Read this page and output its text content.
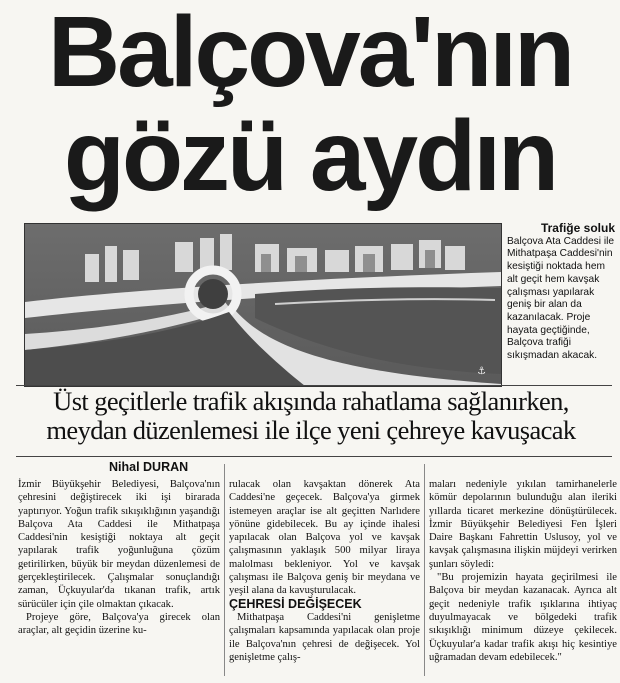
Balçova'nın
gözü aydın
⚓
Trafiğe soluk
Balçova Ata Caddesi ile Mithatpaşa Caddesi'nin kesiştiği noktada hem alt geçit hem kavşak çalışması yapılarak geniş bir alan da kazanılacak. Proje hayata geçtiğinde, Balçova trafiği sıkışmadan akacak.
Üst geçitlerle trafik akışında rahatlama sağlanırken,
meydan düzenlemesi ile ilçe yeni çehreye kavuşacak
Nihal DURAN

İzmir Büyükşehir Belediyesi, Balçova'nın çehresini değiştirecek iki işi birarada yaptırıyor. Yoğun trafik sıkışıklığının yaşandığı Balçova Ata Caddesi ile Mithatpaşa Caddesi'nin kesiştiği noktaya alt geçit yapılarak trafik yoğunluğuna çözüm getirilirken, büyük bir meydan düzenlemesi de gerçekleştirilecek. Çalışmalar sonuçlandığı zaman, Üçkuyular'da tıkanan trafik, artık sürücüler için çile olmaktan çıkacak.

Projeye göre, Balçova'ya girecek olan araçlar, alt geçidin üzerine ku-

rulacak olan kavşaktan dönerek Ata Caddesi'ne geçecek. Balçova'ya girmek istemeyen araçlar ise alt geçitten Narlıdere yönüne gidebilecek. Bu ay içinde ihalesi yapılacak olan Balçova yol ve kavşak çalışmasının yaklaşık 500 milyar liraya malolması bekleniyor. Yol ve kavşak çalışması ile Balçova geniş bir meydana ve yeşil alana da kavuşturulacak.

ÇEHRESİ DEĞİŞECEK

Mithatpaşa Caddesi'ni genişletme çalışmaları kapsamında yapılacak olan proje ile Balçova'nın çehresi de değişecek. Yol genişletme çalış-

maları nedeniyle yıkılan tamirhanelerle kömür depolarının bulunduğu alan ileriki yıllarda ticaret merkezine dönüştürülecek. İzmir Büyükşehir Belediyesi Fen İşleri Daire Başkanı Fahrettin Uslusoy, yol ve kavşak çalışmasına ilişkin müjdeyi verirken şunları söyledi:

"Bu projemizin hayata geçirilmesi ile Balçova bir meydan kazanacak. Ayrıca alt geçit nedeniyle trafik ışıklarına ihtiyaç duyulmayacak ve bölgedeki trafik sıkışıklığı minimum düzeye çekilecek. Üçkuyular'a kadar trafik akışı hiç kesintiye uğramadan devam edebilecek."
